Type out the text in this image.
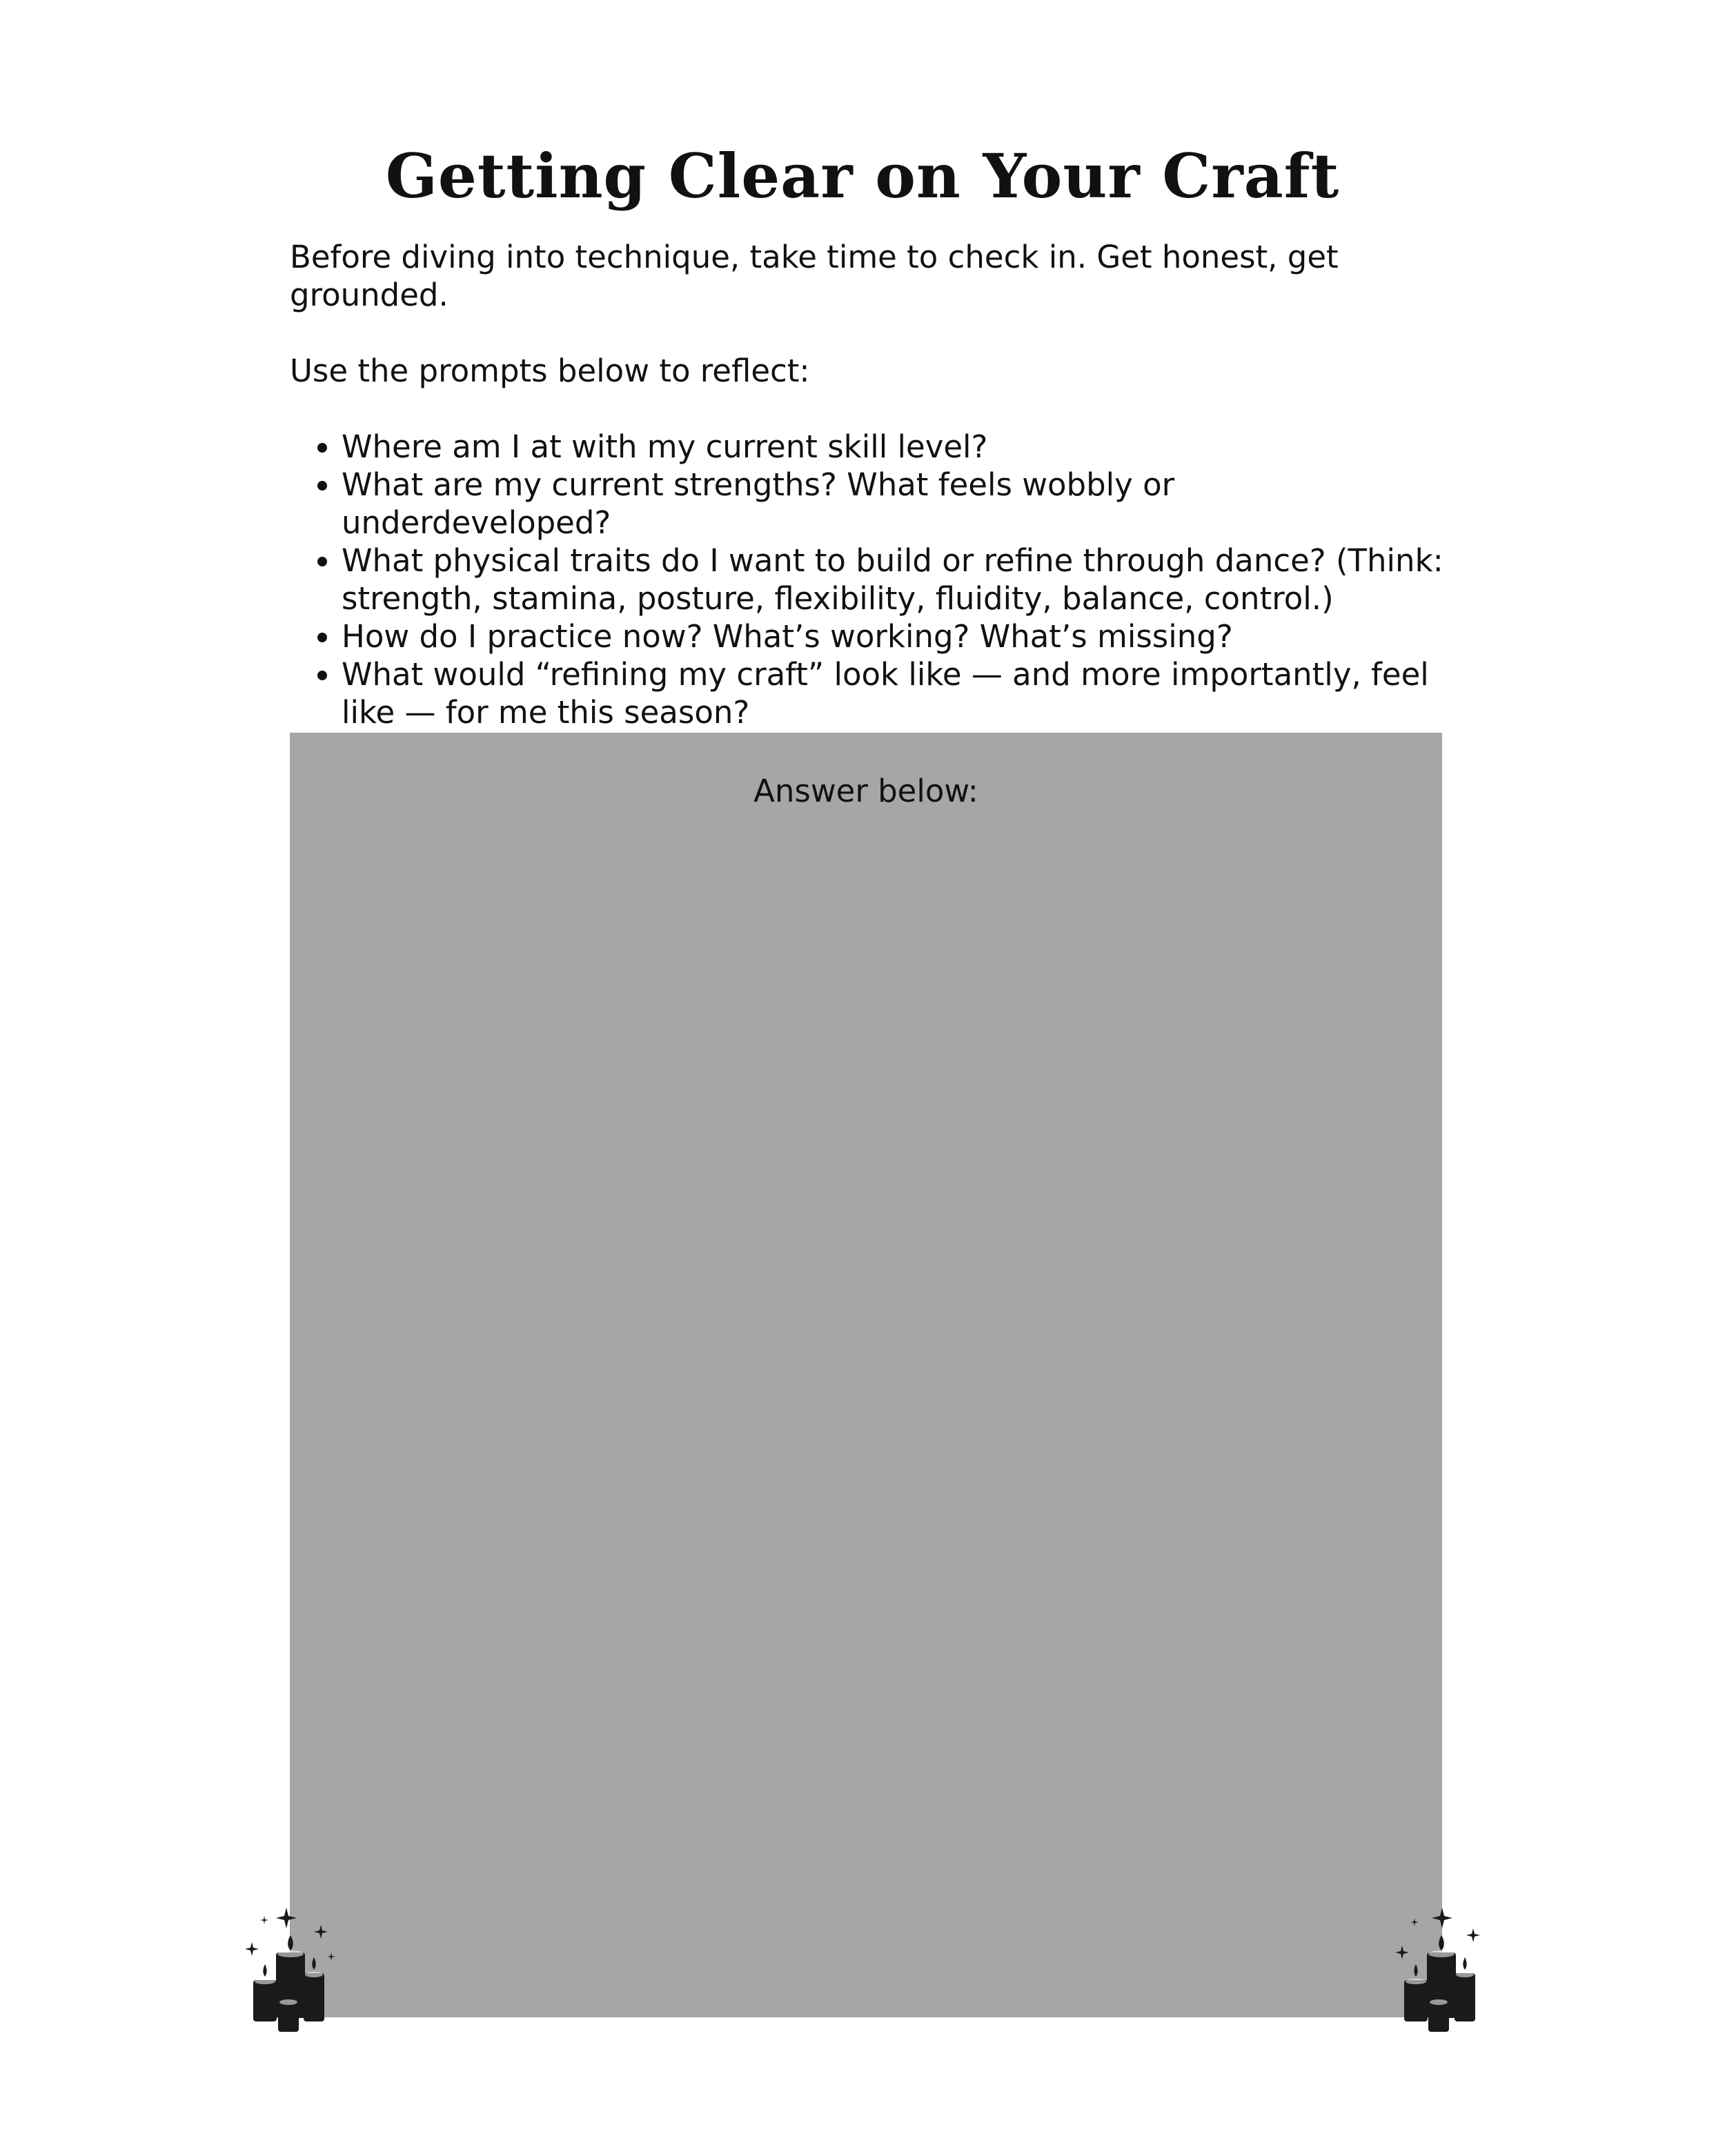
Getting Clear on Your Craft

Before diving into technique, take time to check in. Get honest, get grounded.

Use the prompts below to reflect:

• Where am I at with my current skill level?
• What are my current strengths? What feels wobbly or underdeveloped?
• What physical traits do I want to build or refine through dance? (Think: strength, stamina, posture, flexibility, fluidity, balance, control.)
• How do I practice now? What’s working? What’s missing?
• What would “refining my craft” look like — and more importantly, feel like — for me this season?

Answer below:
